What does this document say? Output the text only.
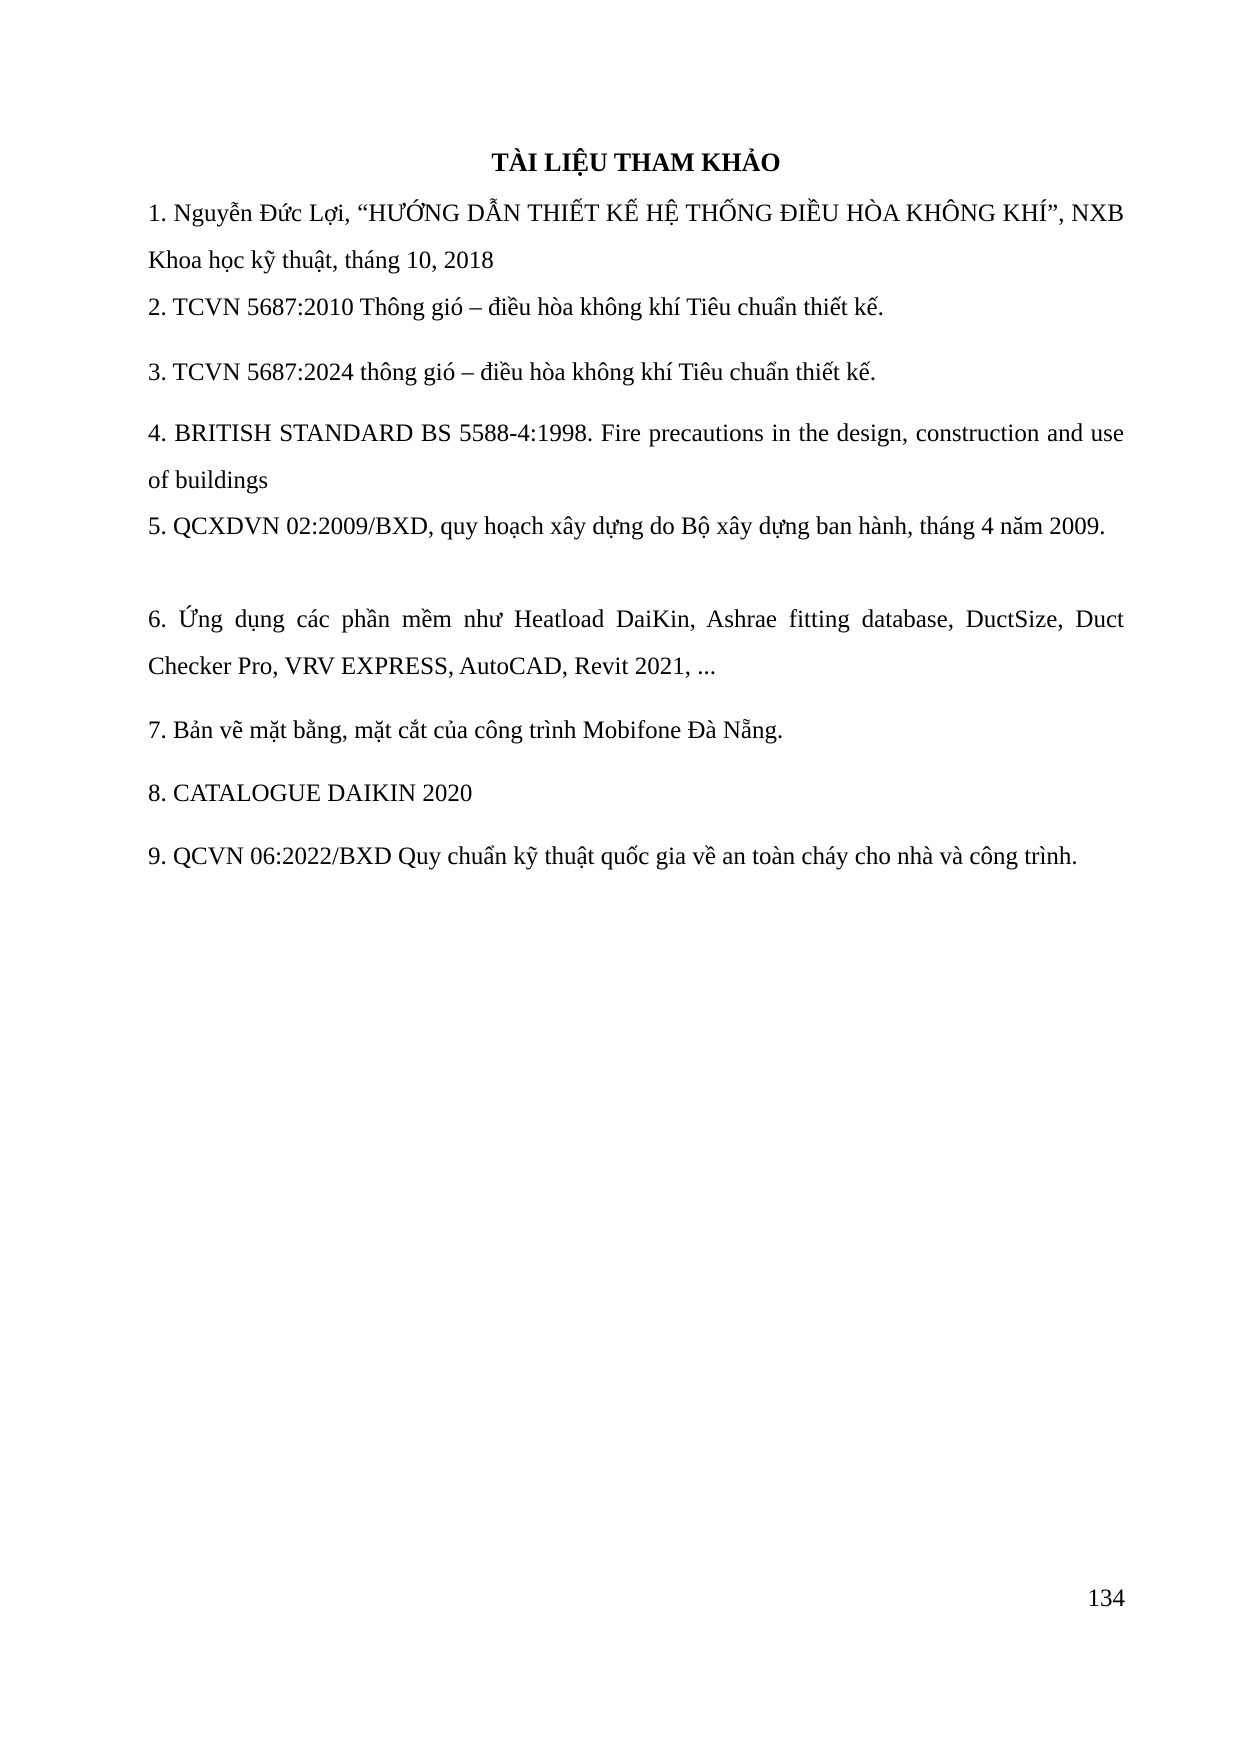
TÀI LIỆU THAM KHẢO

1. Nguyễn Đức Lợi, “HƯỚNG DẪN THIẾT KẾ HỆ THỐNG ĐIỀU HÒA KHÔNG KHÍ”, NXB Khoa học kỹ thuật, tháng 10, 2018

2. TCVN 5687:2010 Thông gió – điều hòa không khí Tiêu chuẩn thiết kế.

3. TCVN 5687:2024 thông gió – điều hòa không khí Tiêu chuẩn thiết kế.

4. BRITISH STANDARD BS 5588-4:1998. Fire precautions in the design, construction and use of buildings

5. QCXDVN 02:2009/BXD, quy hoạch xây dựng do Bộ xây dựng ban hành, tháng 4 năm 2009.

6. Ứng dụng các phần mềm như Heatload DaiKin, Ashrae fitting database, DuctSize, Duct Checker Pro, VRV EXPRESS, AutoCAD, Revit 2021, ...

7. Bản vẽ mặt bằng, mặt cắt của công trình Mobifone Đà Nẵng.

8. CATALOGUE DAIKIN 2020

9. QCVN 06:2022/BXD Quy chuẩn kỹ thuật quốc gia về an toàn cháy cho nhà và công trình.

134
